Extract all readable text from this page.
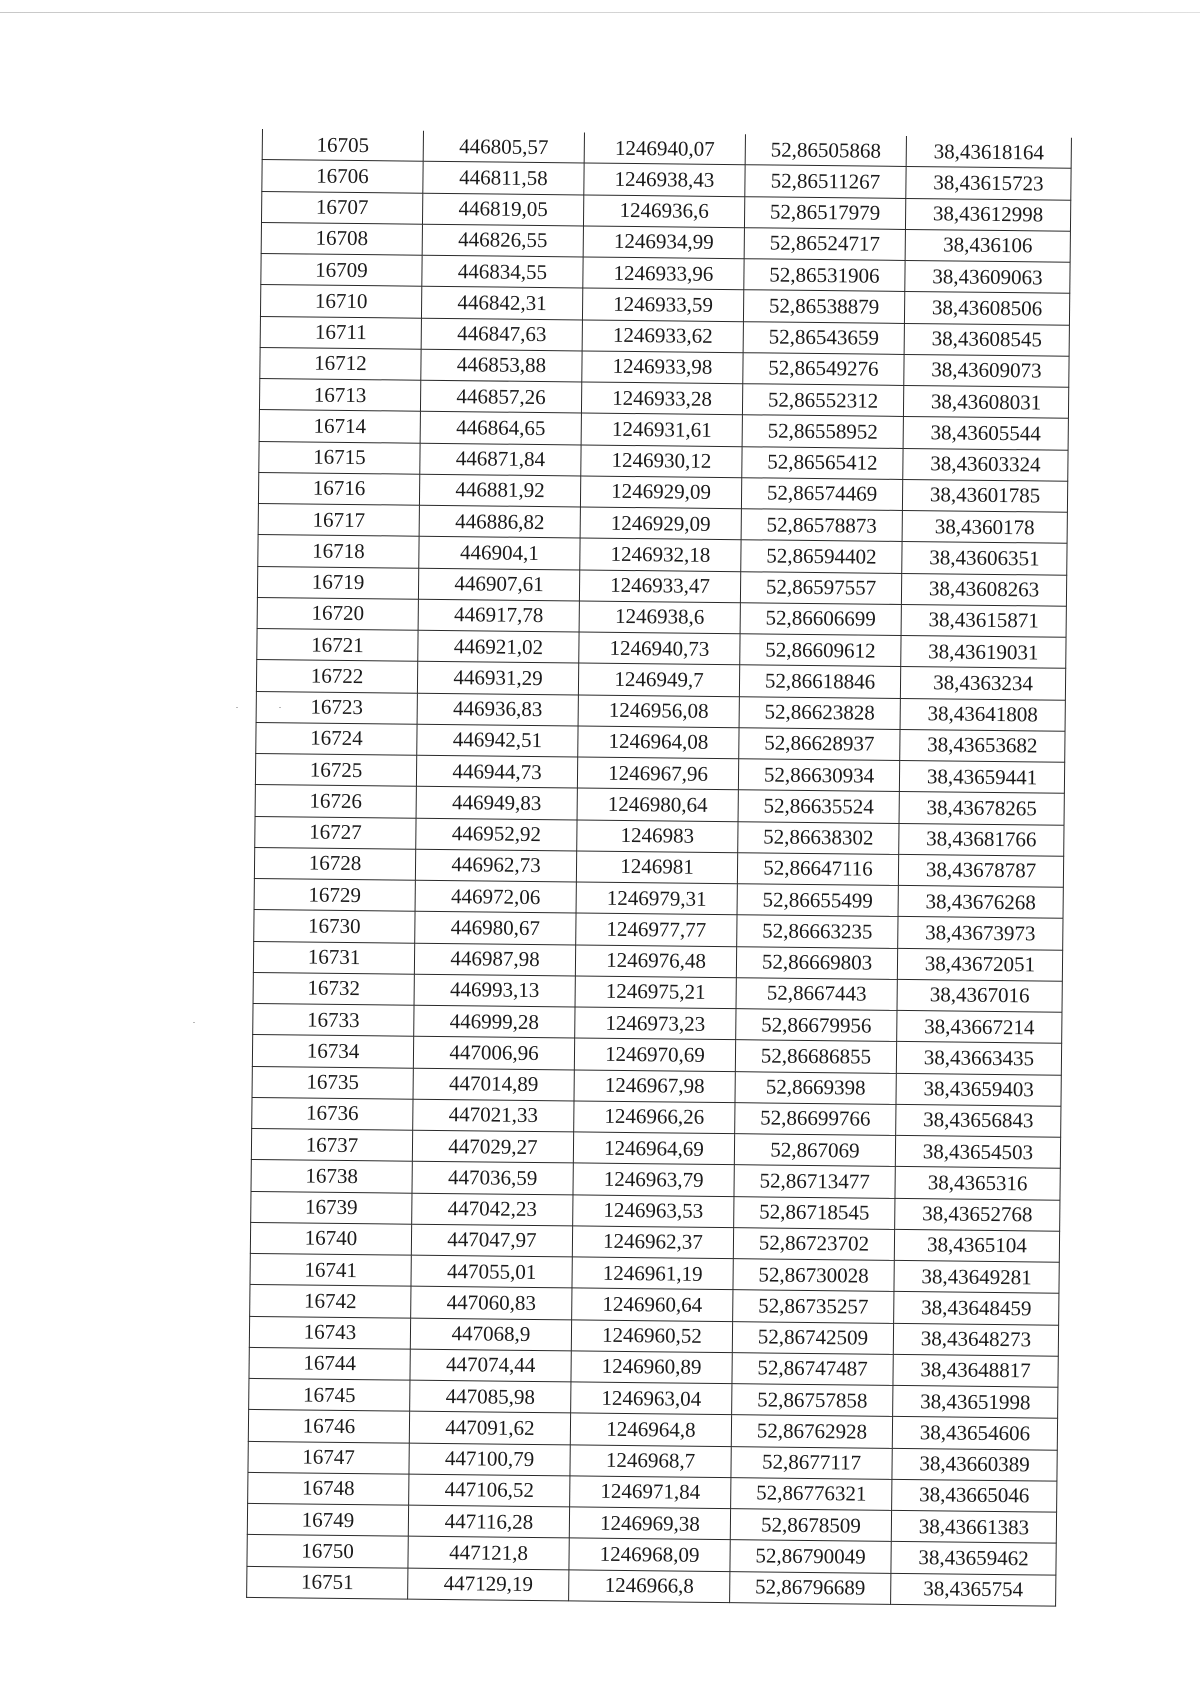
16705	446805,57	1246940,07	52,86505868	38,43618164
16706	446811,58	1246938,43	52,86511267	38,43615723
16707	446819,05	1246936,6	52,86517979	38,43612998
16708	446826,55	1246934,99	52,86524717	38,436106
16709	446834,55	1246933,96	52,86531906	38,43609063
16710	446842,31	1246933,59	52,86538879	38,43608506
16711	446847,63	1246933,62	52,86543659	38,43608545
16712	446853,88	1246933,98	52,86549276	38,43609073
16713	446857,26	1246933,28	52,86552312	38,43608031
16714	446864,65	1246931,61	52,86558952	38,43605544
16715	446871,84	1246930,12	52,86565412	38,43603324
16716	446881,92	1246929,09	52,86574469	38,43601785
16717	446886,82	1246929,09	52,86578873	38,4360178
16718	446904,1	1246932,18	52,86594402	38,43606351
16719	446907,61	1246933,47	52,86597557	38,43608263
16720	446917,78	1246938,6	52,86606699	38,43615871
16721	446921,02	1246940,73	52,86609612	38,43619031
16722	446931,29	1246949,7	52,86618846	38,4363234
16723	446936,83	1246956,08	52,86623828	38,43641808
16724	446942,51	1246964,08	52,86628937	38,43653682
16725	446944,73	1246967,96	52,86630934	38,43659441
16726	446949,83	1246980,64	52,86635524	38,43678265
16727	446952,92	1246983	52,86638302	38,43681766
16728	446962,73	1246981	52,86647116	38,43678787
16729	446972,06	1246979,31	52,86655499	38,43676268
16730	446980,67	1246977,77	52,86663235	38,43673973
16731	446987,98	1246976,48	52,86669803	38,43672051
16732	446993,13	1246975,21	52,8667443	38,4367016
16733	446999,28	1246973,23	52,86679956	38,43667214
16734	447006,96	1246970,69	52,86686855	38,43663435
16735	447014,89	1246967,98	52,8669398	38,43659403
16736	447021,33	1246966,26	52,86699766	38,43656843
16737	447029,27	1246964,69	52,867069	38,43654503
16738	447036,59	1246963,79	52,86713477	38,4365316
16739	447042,23	1246963,53	52,86718545	38,43652768
16740	447047,97	1246962,37	52,86723702	38,4365104
16741	447055,01	1246961,19	52,86730028	38,43649281
16742	447060,83	1246960,64	52,86735257	38,43648459
16743	447068,9	1246960,52	52,86742509	38,43648273
16744	447074,44	1246960,89	52,86747487	38,43648817
16745	447085,98	1246963,04	52,86757858	38,43651998
16746	447091,62	1246964,8	52,86762928	38,43654606
16747	447100,79	1246968,7	52,8677117	38,43660389
16748	447106,52	1246971,84	52,86776321	38,43665046
16749	447116,28	1246969,38	52,8678509	38,43661383
16750	447121,8	1246968,09	52,86790049	38,43659462
16751	447129,19	1246966,8	52,86796689	38,4365754
